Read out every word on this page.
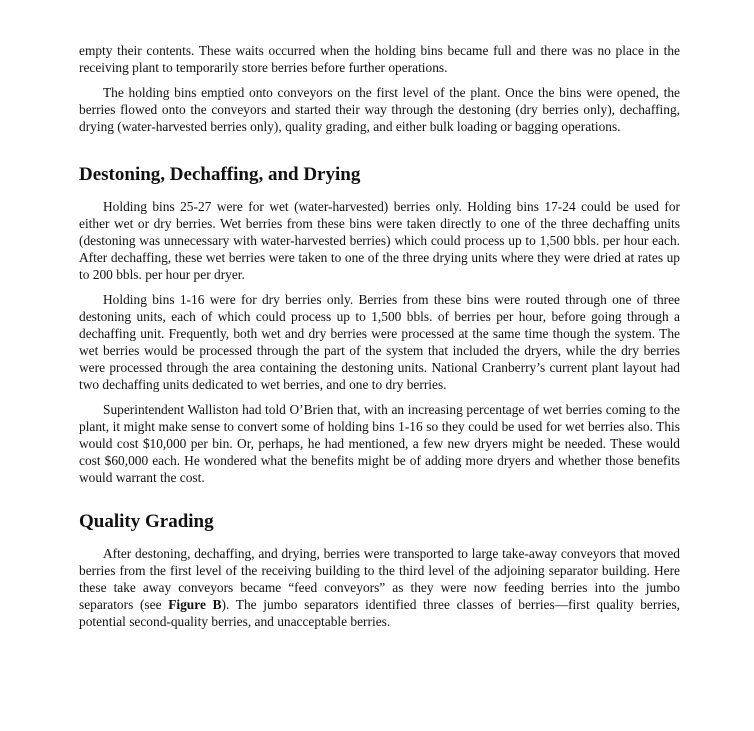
empty their contents. These waits occurred when the holding bins became full and there was no place in the receiving plant to temporarily store berries before further operations.

The holding bins emptied onto conveyors on the first level of the plant. Once the bins were opened, the berries flowed onto the conveyors and started their way through the destoning (dry berries only), dechaffing, drying (water-harvested berries only), quality grading, and either bulk loading or bagging operations.

Destoning, Dechaffing, and Drying

Holding bins 25-27 were for wet (water-harvested) berries only. Holding bins 17-24 could be used for either wet or dry berries. Wet berries from these bins were taken directly to one of the three dechaffing units (destoning was unnecessary with water-harvested berries) which could process up to 1,500 bbls. per hour each. After dechaffing, these wet berries were taken to one of the three drying units where they were dried at rates up to 200 bbls. per hour per dryer.

Holding bins 1-16 were for dry berries only. Berries from these bins were routed through one of three destoning units, each of which could process up to 1,500 bbls. of berries per hour, before going through a dechaffing unit. Frequently, both wet and dry berries were processed at the same time though the system. The wet berries would be processed through the part of the system that included the dryers, while the dry berries were processed through the area containing the destoning units. National Cranberry’s current plant layout had two dechaffing units dedicated to wet berries, and one to dry berries.

Superintendent Walliston had told O’Brien that, with an increasing percentage of wet berries coming to the plant, it might make sense to convert some of holding bins 1-16 so they could be used for wet berries also. This would cost $10,000 per bin. Or, perhaps, he had mentioned, a few new dryers might be needed. These would cost $60,000 each. He wondered what the benefits might be of adding more dryers and whether those benefits would warrant the cost.

Quality Grading

After destoning, dechaffing, and drying, berries were transported to large take-away conveyors that moved berries from the first level of the receiving building to the third level of the adjoining separator building. Here these take away conveyors became “feed conveyors” as they were now feeding berries into the jumbo separators (see Figure B). The jumbo separators identified three classes of berries—first quality berries, potential second-quality berries, and unacceptable berries.
